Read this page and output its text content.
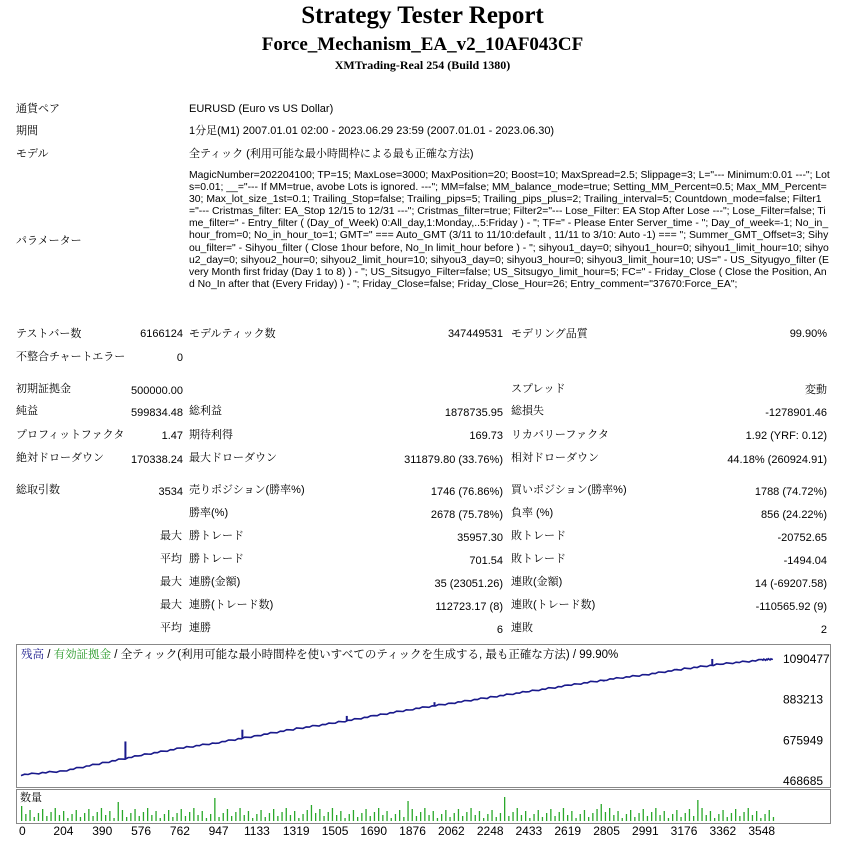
Strategy Tester Report
Force_Mechanism_EA_v2_10AF043CF
XMTrading-Real 254 (Build 1380)
通貨ペア	EURUSD (Euro vs US Dollar)
期間	1分足(M1) 2007.01.01 02:00 - 2023.06.29 23:59 (2007.01.01 - 2023.06.30)
モデル	全ティック (利用可能な最小時間枠による最も正確な方法)
パラメーター
MagicNumber=202204100; TP=15; MaxLose=3000; MaxPosition=20; Boost=10; MaxSpread=2.5; Slippage=3; L="--- Minimum:0.01 ---"; Lots=0.01; __="--- If MM=true, avobe Lots is ignored. ---"; MM=false; MM_balance_mode=true; Setting_MM_Percent=0.5; Max_MM_Percent=30; Max_lot_size_1st=0.1; Trailing_Stop=false; Trailing_pips=5; Trailing_pips_plus=2; Trailing_interval=5; Countdown_mode=false; Filter1="--- Cristmas_filter: EA_Stop 12/15 to 12/31 ---"; Cristmas_filter=true; Filter2="--- Lose_Filter: EA Stop After Lose ---"; Lose_Filter=false; Time_filter=" - Entry_filter ( (Day_of_Week) 0:All_day,1:Monday,..5:Friday ) - "; TF=" - Please Enter Server_time - "; Day_of_week=-1; No_in_hour_from=0; No_in_hour_to=1; GMT=" === Auto_GMT (3/11 to 11/10:default , 11/11 to 3/10: Auto -1) === "; Summer_GMT_Offset=3; Sihyou_filter=" - Sihyou_filter ( Close 1hour before, No_In limit_hour before ) - "; sihyou1_day=0; sihyou1_hour=0; sihyou1_limit_hour=10; sihyou2_day=0; sihyou2_hour=0; sihyou2_limit_hour=10; sihyou3_day=0; sihyou3_hour=0; sihyou3_limit_hour=10; US=" - US_Sityugyo_filter (Every Month first friday (Day 1 to 8) ) - "; US_Sitsugyo_Filter=false; US_Sitsugyo_limit_hour=5; FC=" - Friday_Close ( Close the Position, And No_In after that (Every Friday) ) - "; Friday_Close=false; Friday_Close_Hour=26; Entry_comment="37670:Force_EA";
テストバー数	6166124 モデルティック数	347449531 モデリング品質	99.90%
不整合チャートエラー	0
初期証拠金	500000.00	スプレッド	変動
純益	599834.48 総利益	1878735.95 総損失	-1278901.46
プロフィットファクタ	1.47 期待利得	169.73 リカバリーファクタ	1.92 (YRF: 0.12)
絶対ドローダウン	170338.24 最大ドローダウン	311879.80 (33.76%) 相対ドローダウン	44.18% (260924.91)
総取引数	3534 売りポジション(勝率%)	1746 (76.86%) 買いポジション(勝率%)	1788 (74.72%)
勝率(%)	2678 (75.78%) 負率 (%)	856 (24.22%)
最大 勝トレード	35957.30 敗トレード	-20752.65
平均 勝トレード	701.54 敗トレード	-1494.04
最大 連勝(金額)	35 (23051.26) 連敗(金額)	14 (-69207.58)
最大 連勝(トレード数)	112723.17 (8) 連敗(トレード数)	-110565.92 (9)
平均 連勝	6 連敗	2
残高 / 有効証拠金 / 全ティック(利用可能な最小時間枠を使いすべてのティックを生成する, 最も正確な方法) / 99.90%
数量
1090477
883213
675949
468685
0 204 390 576 762 947 1133 1319 1505 1690 1876 2062 2248 2433 2619 2805 2991 3176 3362 3548
